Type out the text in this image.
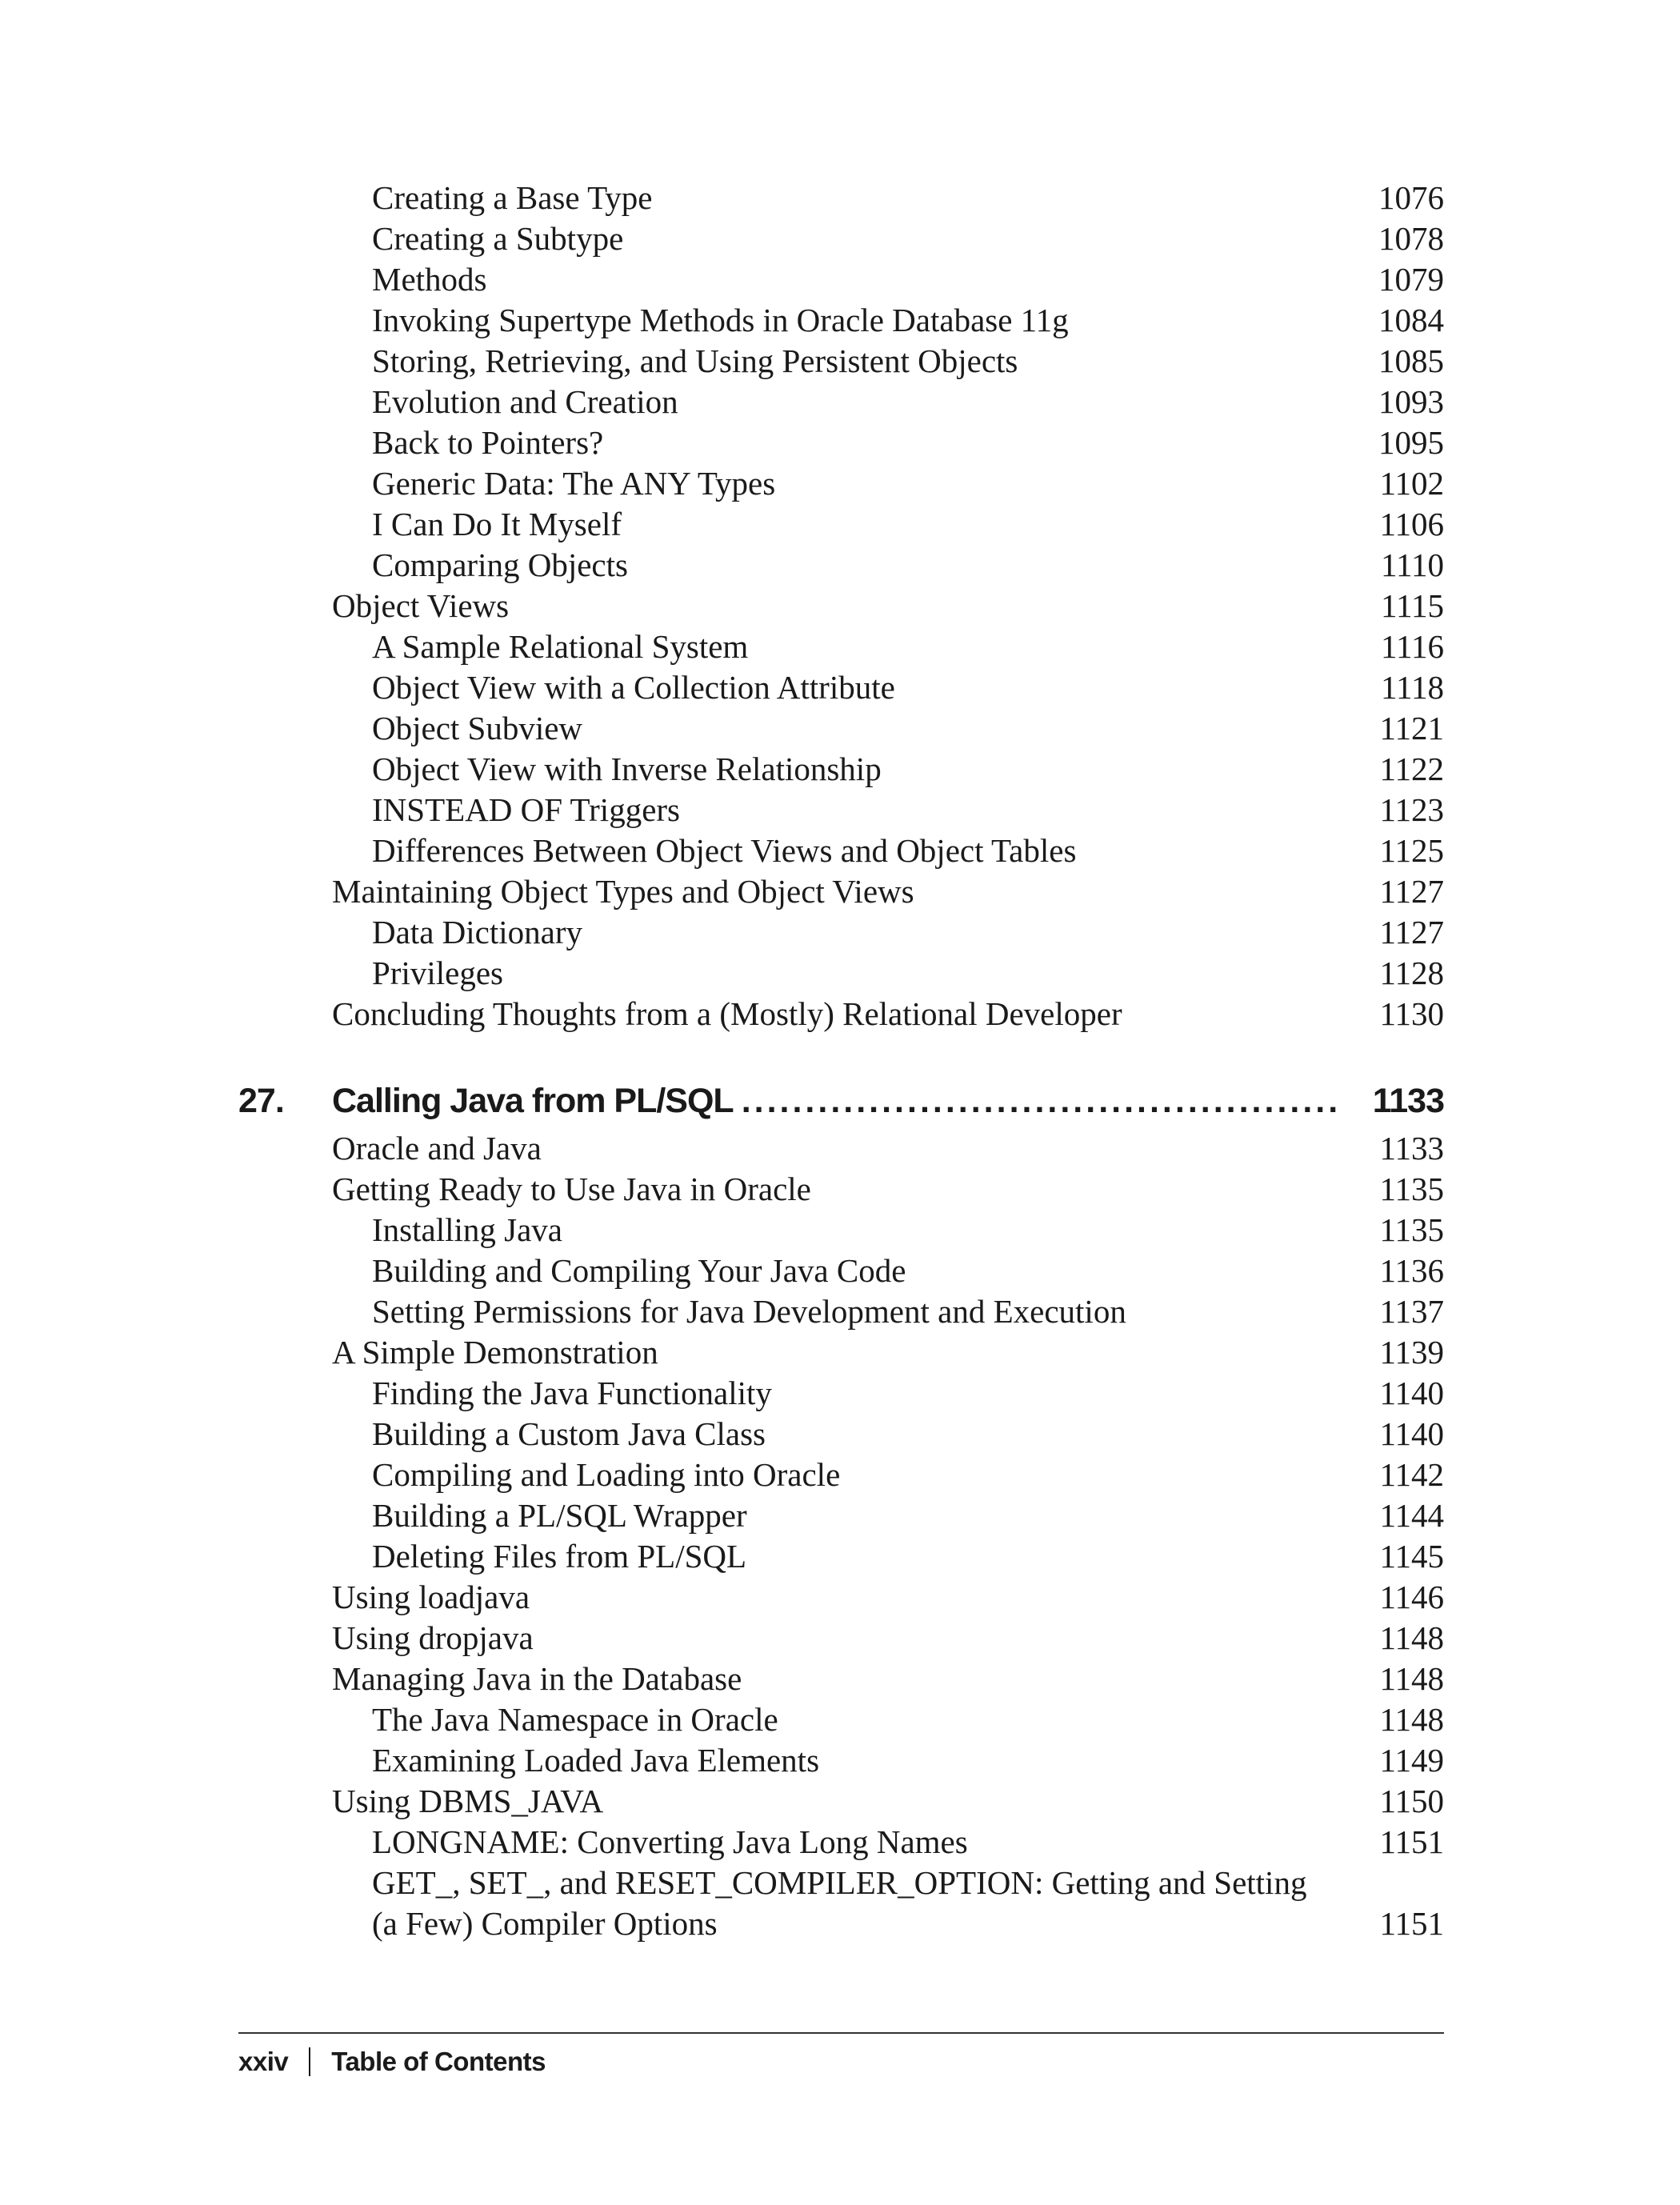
Creating a Base Type	1076
Creating a Subtype	1078
Methods	1079
Invoking Supertype Methods in Oracle Database 11g	1084
Storing, Retrieving, and Using Persistent Objects	1085
Evolution and Creation	1093
Back to Pointers?	1095
Generic Data: The ANY Types	1102
I Can Do It Myself	1106
Comparing Objects	1110
Object Views	1115
A Sample Relational System	1116
Object View with a Collection Attribute	1118
Object Subview	1121
Object View with Inverse Relationship	1122
INSTEAD OF Triggers	1123
Differences Between Object Views and Object Tables	1125
Maintaining Object Types and Object Views	1127
Data Dictionary	1127
Privileges	1128
Concluding Thoughts from a (Mostly) Relational Developer	1130
27.	Calling Java from PL/SQL ............................................... 1133
Oracle and Java	1133
Getting Ready to Use Java in Oracle	1135
Installing Java	1135
Building and Compiling Your Java Code	1136
Setting Permissions for Java Development and Execution	1137
A Simple Demonstration	1139
Finding the Java Functionality	1140
Building a Custom Java Class	1140
Compiling and Loading into Oracle	1142
Building a PL/SQL Wrapper	1144
Deleting Files from PL/SQL	1145
Using loadjava	1146
Using dropjava	1148
Managing Java in the Database	1148
The Java Namespace in Oracle	1148
Examining Loaded Java Elements	1149
Using DBMS_JAVA	1150
LONGNAME: Converting Java Long Names	1151
GET_, SET_, and RESET_COMPILER_OPTION: Getting and Setting
(a Few) Compiler Options	1151
xxiv Table of Contents
